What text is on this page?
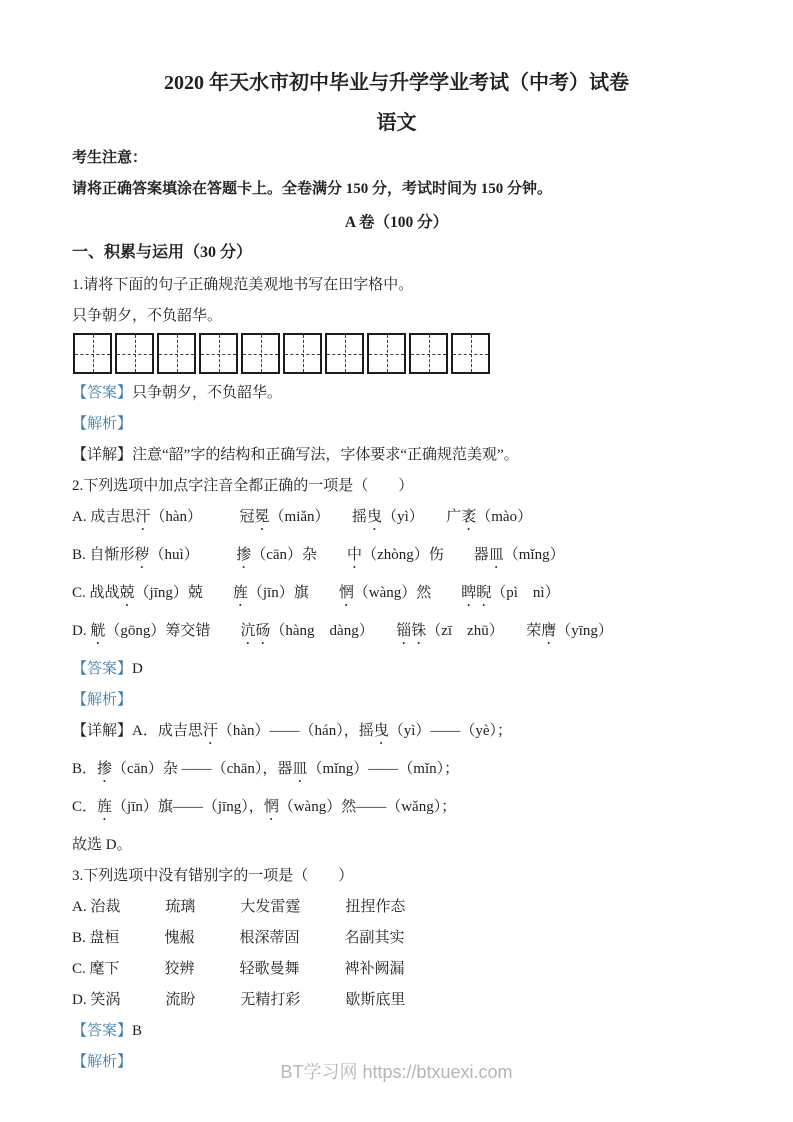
2020 年天水市初中毕业与升学学业考试（中考）试卷
语文

考生注意：

请将正确答案填涂在答题卡上。全卷满分 150 分，考试时间为 150 分钟。

A 卷（100 分）

一、积累与运用（30 分）

1.请将下面的句子正确规范美观地书写在田字格中。

只争朝夕，不负韶华。

【答案】只争朝夕，不负韶华。

【解析】

【详解】注意“韶”字的结构和正确写法，字体要求“正确规范美观”。

2.下列选项中加点字注音全都正确的一项是（　　）

A. 成吉思汗（hàn）　　　冠冕（miǎn）　　摇曳（yì）　　广袤（mào）

B. 自惭形秽（huì）　　　掺（cān）杂　　中（zhòng）伤　　器皿（mǐng）

C. 战战兢（jīng）兢　　旌（jīn）旗　　惘（wàng）然　　睥睨（pì　nì）

D. 觥（gōng）筹交错　　沆砀（hàng　dàng）　　锱铢（zī　zhū）　　荣膺（yīng）

【答案】D

【解析】

【详解】A．成吉思汗（hàn）——（hán），摇曳（yì）——（yè）；

B．掺（cān）杂 ——（chān），器皿（mǐng）——（mǐn）；

C．旌（jīn）旗——（jīng），惘（wàng）然——（wǎng）；

故选 D。

3.下列选项中没有错别字的一项是（　　）

A. 治裁　　　琉璃　　　大发雷霆　　　扭捏作态

B. 盘桓　　　愧赧　　　根深蒂固　　　名副其实

C. 麾下　　　狡辨　　　轻歌曼舞　　　裨补阙漏

D. 笑涡　　　流盼　　　无精打彩　　　歇斯底里

【答案】B

【解析】	BT学习网 https://btxuexi.com
